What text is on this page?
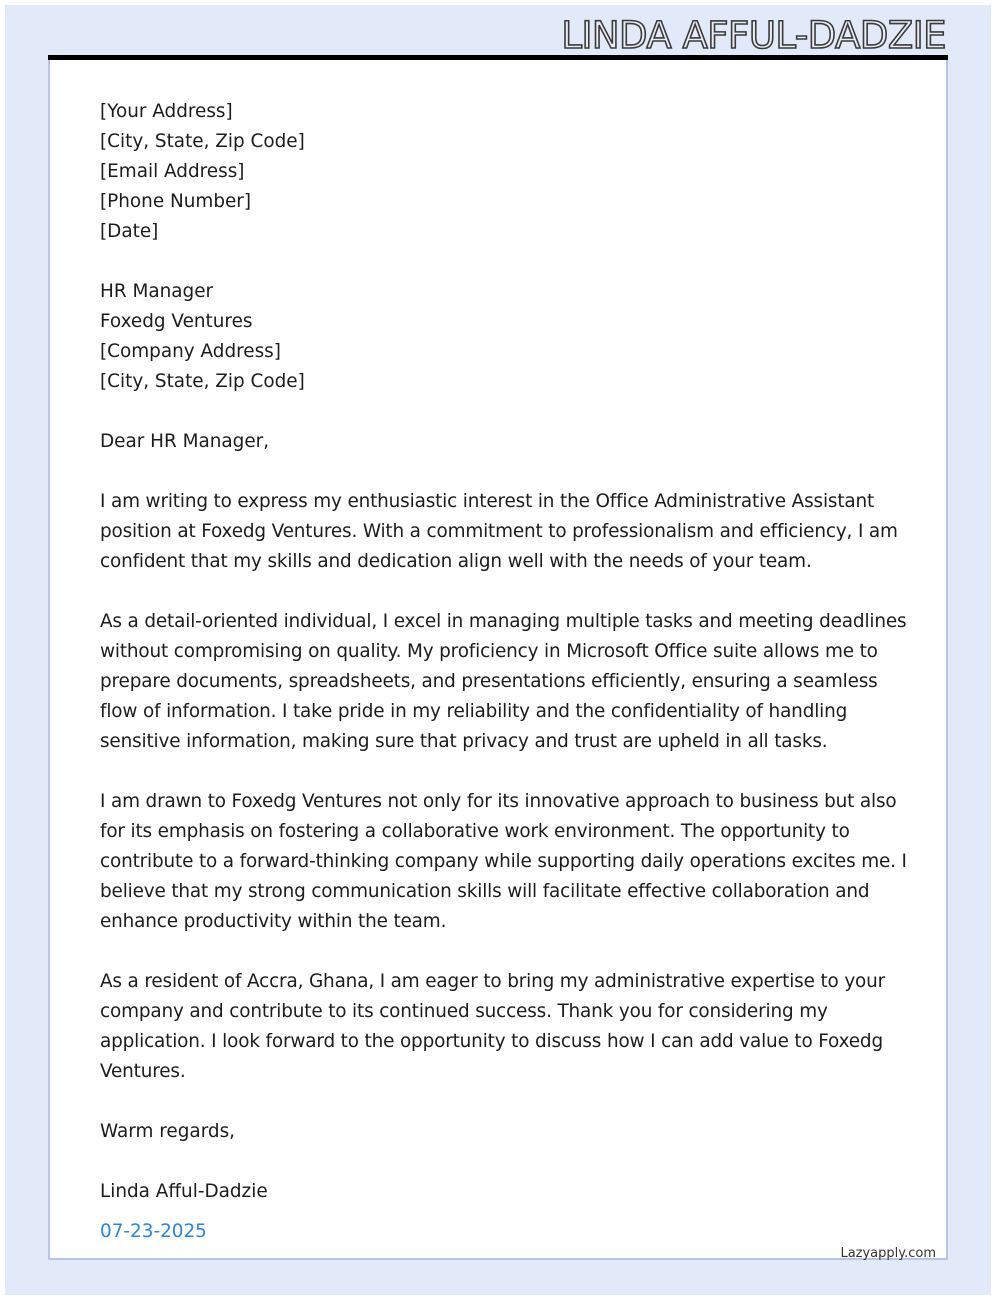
LINDA AFFUL-DADZIE
[Your Address]
[City, State, Zip Code]
[Email Address]
[Phone Number]
[Date]
HR Manager
Foxedg Ventures
[Company Address]
[City, State, Zip Code]
Dear HR Manager,
I am writing to express my enthusiastic interest in the Office Administrative Assistant
position at Foxedg Ventures. With a commitment to professionalism and efficiency, I am
confident that my skills and dedication align well with the needs of your team.
As a detail-oriented individual, I excel in managing multiple tasks and meeting deadlines
without compromising on quality. My proficiency in Microsoft Office suite allows me to
prepare documents, spreadsheets, and presentations efficiently, ensuring a seamless
flow of information. I take pride in my reliability and the confidentiality of handling
sensitive information, making sure that privacy and trust are upheld in all tasks.
I am drawn to Foxedg Ventures not only for its innovative approach to business but also
for its emphasis on fostering a collaborative work environment. The opportunity to
contribute to a forward-thinking company while supporting daily operations excites me. I
believe that my strong communication skills will facilitate effective collaboration and
enhance productivity within the team.
As a resident of Accra, Ghana, I am eager to bring my administrative expertise to your
company and contribute to its continued success. Thank you for considering my
application. I look forward to the opportunity to discuss how I can add value to Foxedg
Ventures.
Warm regards,
Linda Afful-Dadzie
07-23-2025
Lazyapply.com
